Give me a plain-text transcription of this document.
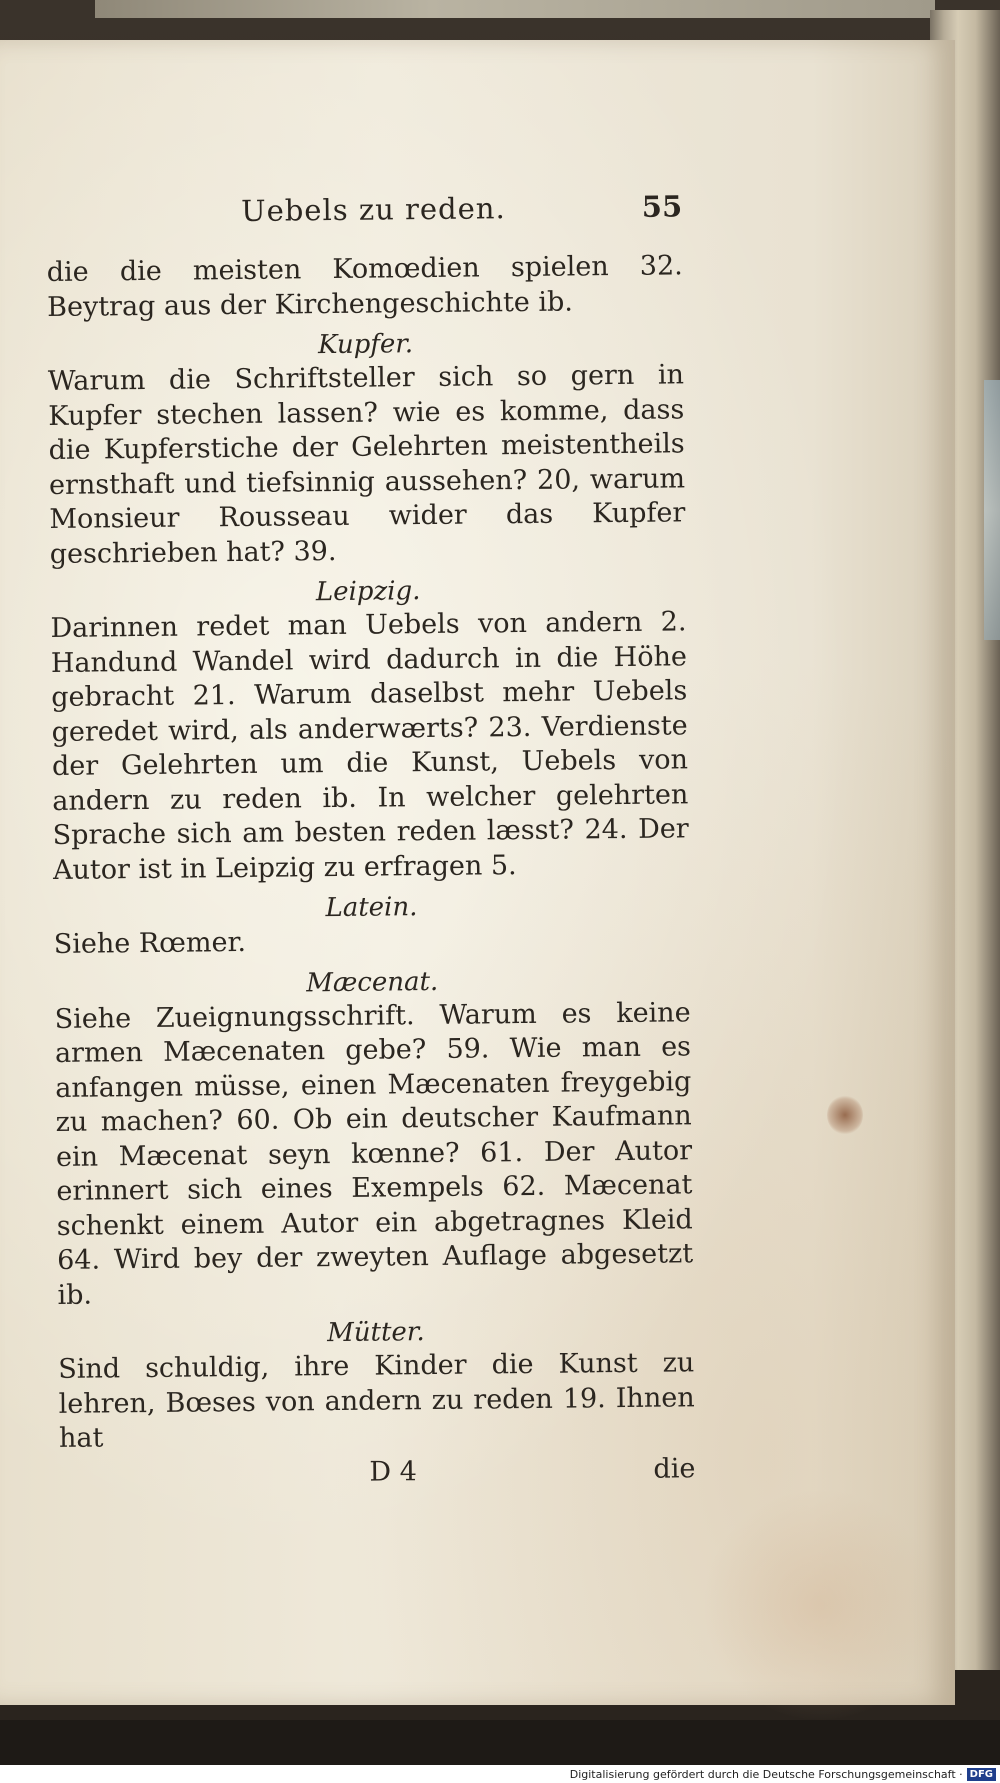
Uebels zu reden.	55

die die meisten Komœdien spielen 32. Beytrag aus der Kirchengeschichte ib.

Kupfer.

Warum die Schriftsteller sich so gern in Kupfer stechen lassen? wie es komme, dass die Kupferstiche der Gelehrten meistentheils ernsthaft und tiefsinnig aussehen? 20, warum Monsieur Rousseau wider das Kupfer geschrieben hat? 39.

Leipzig.

Darinnen redet man Uebels von andern 2. Handund Wandel wird dadurch in die Höhe gebracht 21. Warum daselbst mehr Uebels geredet wird, als anderwærts? 23. Verdienste der Gelehrten um die Kunst, Uebels von andern zu reden ib. In welcher gelehrten Sprache sich am besten reden læsst? 24. Der Autor ist in Leipzig zu erfragen 5.

Latein.

Siehe Rœmer.

Mæcenat.

Siehe Zueignungsschrift. Warum es keine armen Mæcenaten gebe? 59. Wie man es anfangen müsse, einen Mæcenaten freygebig zu machen? 60. Ob ein deutscher Kaufmann ein Mæcenat seyn kœnne? 61. Der Autor erinnert sich eines Exempels 62. Mæcenat schenkt einem Autor ein abgetragnes Kleid 64. Wird bey der zweyten Auflage abgesetzt ib.

Mütter.

Sind schuldig, ihre Kinder die Kunst zu lehren, Bœses von andern zu reden 19. Ihnen hat

D 4	die
Digitalisierung gefördert durch die Deutsche Forschungsgemeinschaft · DFG
